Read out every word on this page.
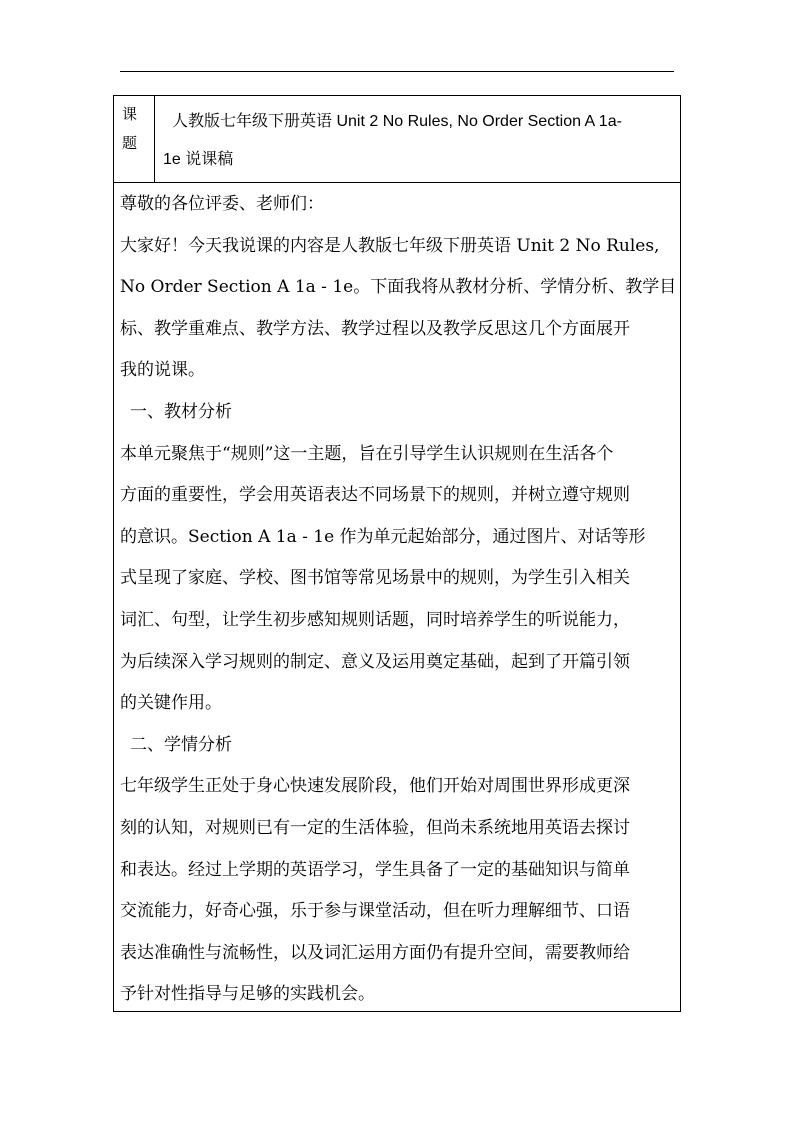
课
题
人教版七年级下册英语 Unit 2 No Rules, No Order Section A 1a-
1e 说课稿
尊敬的各位评委、老师们：
大家好！今天我说课的内容是人教版七年级下册英语 Unit 2 No Rules,
No Order Section A 1a - 1e。下面我将从教材分析、学情分析、教学目
标、教学重难点、教学方法、教学过程以及教学反思这几个方面展开
我的说课。
一、教材分析
本单元聚焦于“规则”这一主题，旨在引导学生认识规则在生活各个
方面的重要性，学会用英语表达不同场景下的规则，并树立遵守规则
的意识。Section A 1a - 1e 作为单元起始部分，通过图片、对话等形
式呈现了家庭、学校、图书馆等常见场景中的规则，为学生引入相关
词汇、句型，让学生初步感知规则话题，同时培养学生的听说能力，
为后续深入学习规则的制定、意义及运用奠定基础，起到了开篇引领
的关键作用。
二、学情分析
七年级学生正处于身心快速发展阶段，他们开始对周围世界形成更深
刻的认知，对规则已有一定的生活体验，但尚未系统地用英语去探讨
和表达。经过上学期的英语学习，学生具备了一定的基础知识与简单
交流能力，好奇心强，乐于参与课堂活动，但在听力理解细节、口语
表达准确性与流畅性，以及词汇运用方面仍有提升空间，需要教师给
予针对性指导与足够的实践机会。
